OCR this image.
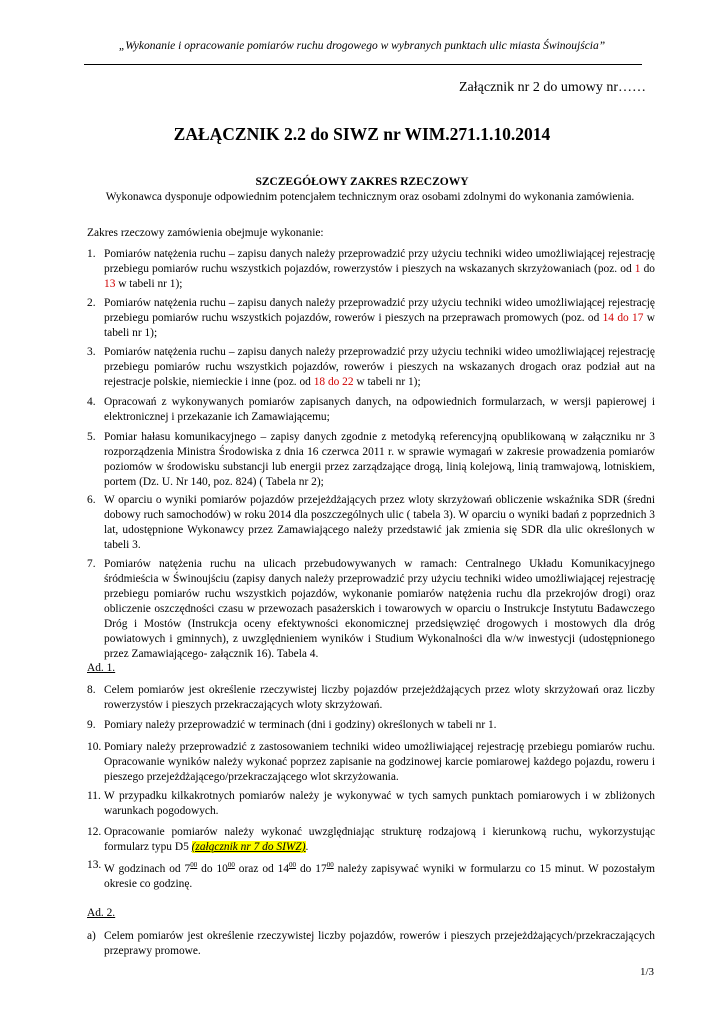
„Wykonanie i opracowanie pomiarów ruchu drogowego w wybranych punktach ulic miasta Świnoujścia”
Załącznik nr 2 do umowy nr……
ZAŁĄCZNIK 2.2 do SIWZ nr WIM.271.1.10.2014
SZCZEGÓŁOWY ZAKRES RZECZOWY
Wykonawca dysponuje odpowiednim potencjałem technicznym oraz osobami zdolnymi do wykonania zamówienia.
Zakres rzeczowy zamówienia obejmuje wykonanie:
1. Pomiarów natężenia ruchu – zapisu danych należy przeprowadzić przy użyciu techniki wideo umożliwiającej rejestrację przebiegu pomiarów ruchu wszystkich pojazdów, rowerzystów i pieszych na wskazanych skrzyżowaniach (poz. od 1 do 13 w tabeli nr 1);
2. Pomiarów natężenia ruchu – zapisu danych należy przeprowadzić przy użyciu techniki wideo umożliwiającej rejestrację przebiegu pomiarów ruchu wszystkich pojazdów, rowerów i pieszych na przeprawach promowych (poz. od 14 do 17 w tabeli nr 1);
3. Pomiarów natężenia ruchu – zapisu danych należy przeprowadzić przy użyciu techniki wideo umożliwiającej rejestrację przebiegu pomiarów ruchu wszystkich pojazdów, rowerów i pieszych na wskazanych drogach oraz podział aut na rejestracje polskie, niemieckie i inne (poz. od 18 do 22 w tabeli nr 1);
4. Opracowań z wykonywanych pomiarów zapisanych danych, na odpowiednich formularzach, w wersji papierowej i elektronicznej i przekazanie ich Zamawiającemu;
5. Pomiar hałasu komunikacyjnego – zapisy danych zgodnie z metodyką referencyjną opublikowaną w załączniku nr 3 rozporządzenia Ministra Środowiska z dnia 16 czerwca 2011 r. w sprawie wymagań w zakresie prowadzenia pomiarów poziomów w środowisku substancji lub energii przez zarządzające drogą, linią kolejową, linią tramwajową, lotniskiem, portem (Dz. U. Nr 140, poz. 824) ( Tabela nr 2);
6. W oparciu o wyniki pomiarów pojazdów przejeżdżających przez wloty skrzyżowań obliczenie wskaźnika SDR (średni dobowy ruch samochodów) w roku 2014 dla poszczególnych ulic ( tabela 3). W oparciu o wyniki badań z poprzednich 3 lat, udostępnione Wykonawcy przez Zamawiającego należy przedstawić jak zmienia się SDR dla ulic określonych w tabeli 3.
7. Pomiarów natężenia ruchu na ulicach przebudowywanych w ramach: Centralnego Układu Komunikacyjnego śródmieścia w Świnoujściu (zapisy danych należy przeprowadzić przy użyciu techniki wideo umożliwiającej rejestrację przebiegu pomiarów ruchu wszystkich pojazdów, wykonanie pomiarów natężenia ruchu dla przekrojów drogi) oraz obliczenie oszczędności czasu w przewozach pasażerskich i towarowych w oparciu o Instrukcje Instytutu Badawczego Dróg i Mostów (Instrukcja oceny efektywności ekonomicznej przedsięwzięć drogowych i mostowych dla dróg powiatowych i gminnych), z uwzględnieniem wyników i Studium Wykonalności dla w/w inwestycji (udostępnionego przez Zamawiającego- załącznik 16). Tabela 4.
Ad. 1.
8. Celem pomiarów jest określenie rzeczywistej liczby pojazdów przejeżdżających przez wloty skrzyżowań oraz liczby rowerzystów i pieszych przekraczających wloty skrzyżowań.
9. Pomiary należy przeprowadzić w terminach (dni i godziny) określonych w tabeli nr 1.
10. Pomiary należy przeprowadzić z zastosowaniem techniki wideo umożliwiającej rejestrację przebiegu pomiarów ruchu. Opracowanie wyników należy wykonać poprzez zapisanie na godzinowej karcie pomiarowej każdego pojazdu, roweru i pieszego przejeżdżającego/przekraczającego wlot skrzyżowania.
11. W przypadku kilkakrotnych pomiarów należy je wykonywać w tych samych punktach pomiarowych i w zbliżonych warunkach pogodowych.
12. Opracowanie pomiarów należy wykonać uwzględniając strukturę rodzajową i kierunkową ruchu, wykorzystując formularz typu D5 (załącznik nr 7 do SIWZ).
13. W godzinach od $7^{00}$ do $10^{00}$ oraz od $14^{00}$ do $17^{00}$ należy zapisywać wyniki w formularzu co 15 minut. W pozostałym okresie co godzinę.
Ad. 2.
a) Celem pomiarów jest określenie rzeczywistej liczby pojazdów, rowerów i pieszych przejeżdżających/przekraczających przeprawy promowe.
1/3
